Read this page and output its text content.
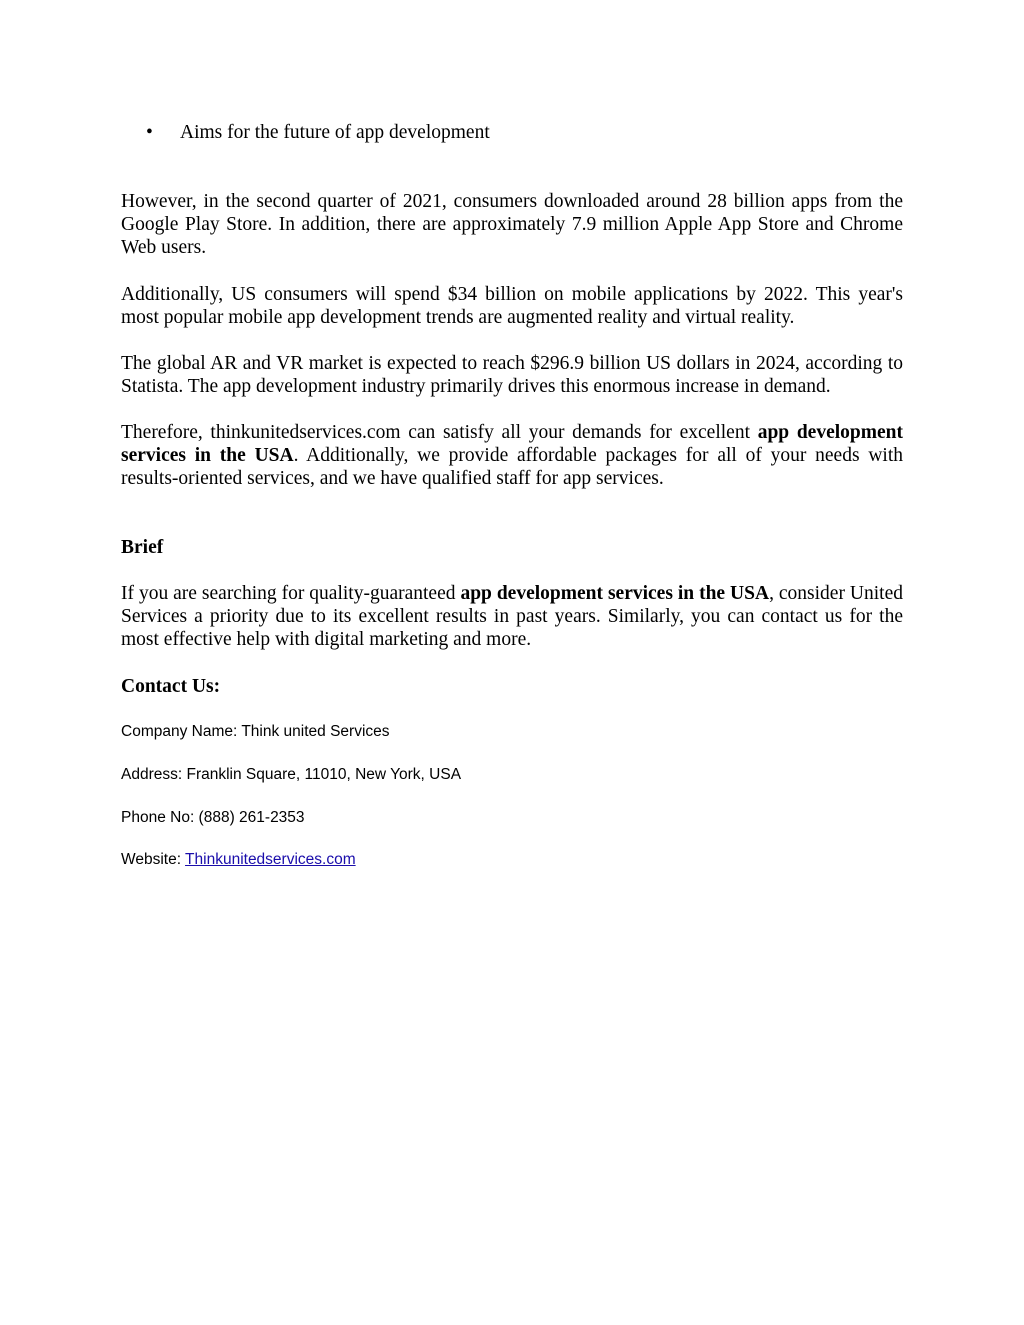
•	Aims for the future of app development

However, in the second quarter of 2021, consumers downloaded around 28 billion apps from the Google Play Store. In addition, there are approximately 7.9 million Apple App Store and Chrome Web users.

Additionally, US consumers will spend $34 billion on mobile applications by 2022. This year's most popular mobile app development trends are augmented reality and virtual reality.

The global AR and VR market is expected to reach $296.9 billion US dollars in 2024, according to Statista. The app development industry primarily drives this enormous increase in demand.

Therefore, thinkunitedservices.com can satisfy all your demands for excellent app development services in the USA. Additionally, we provide affordable packages for all of your needs with results-oriented services, and we have qualified staff for app services.

Brief

If you are searching for quality-guaranteed app development services in the USA, consider United Services a priority due to its excellent results in past years. Similarly, you can contact us for the most effective help with digital marketing and more.

Contact Us:

Company Name: Think united Services

Address: Franklin Square, 11010, New York, USA

Phone No: (888) 261-2353

Website: Thinkunitedservices.com
